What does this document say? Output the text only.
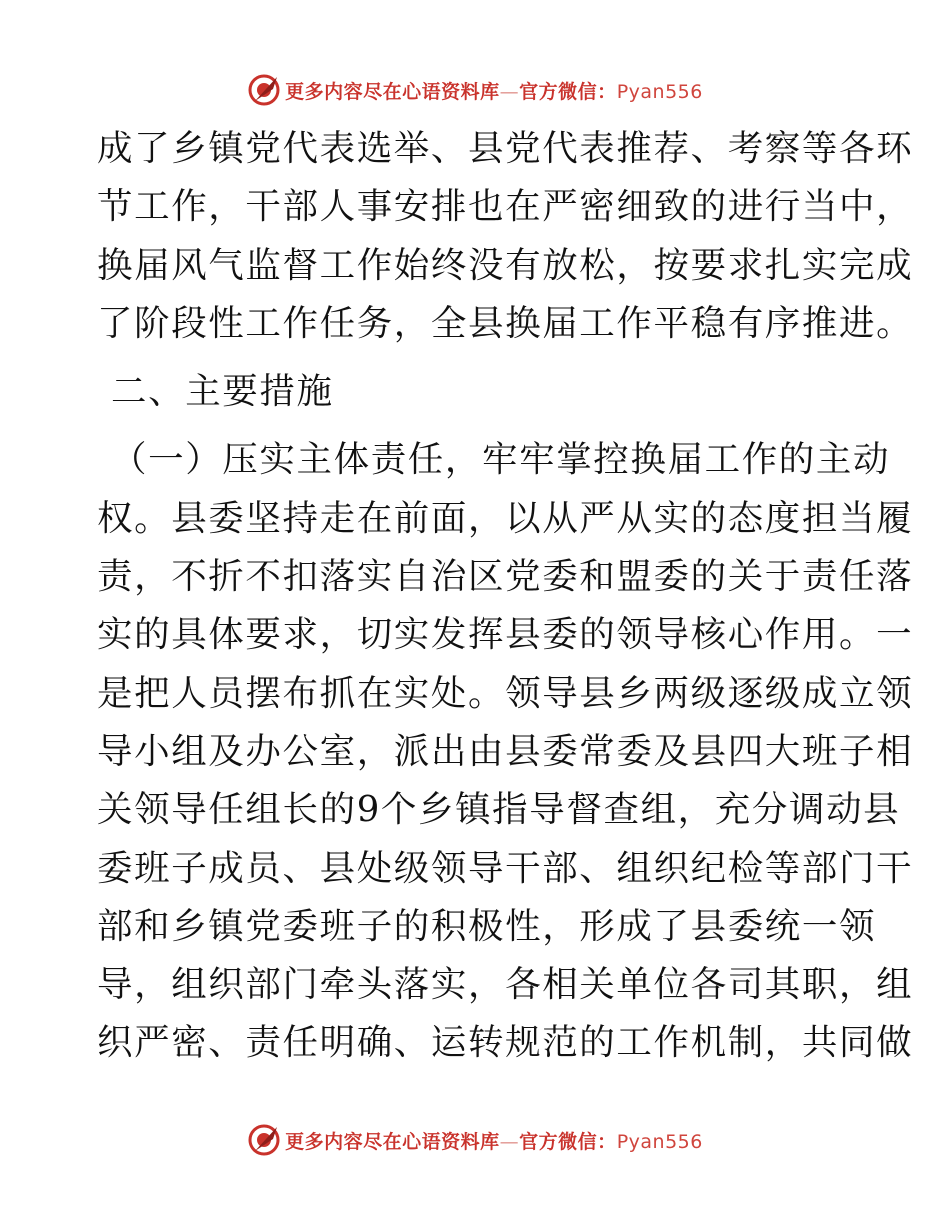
更多内容尽在心语资料库—官方微信：Pyan556
成了乡镇党代表选举、县党代表推荐、考察等各环
节工作，干部人事安排也在严密细致的进行当中，
换届风气监督工作始终没有放松，按要求扎实完成
了阶段性工作任务，全县换届工作平稳有序推进。
二、主要措施
（一）压实主体责任，牢牢掌控换届工作的主动
权。县委坚持走在前面，以从严从实的态度担当履
责，不折不扣落实自治区党委和盟委的关于责任落
实的具体要求，切实发挥县委的领导核心作用。一
是把人员摆布抓在实处。领导县乡两级逐级成立领
导小组及办公室，派出由县委常委及县四大班子相
关领导任组长的9个乡镇指导督查组，充分调动县
委班子成员、县处级领导干部、组织纪检等部门干
部和乡镇党委班子的积极性，形成了县委统一领
导，组织部门牵头落实，各相关单位各司其职，组
织严密、责任明确、运转规范的工作机制，共同做
更多内容尽在心语资料库—官方微信：Pyan556
